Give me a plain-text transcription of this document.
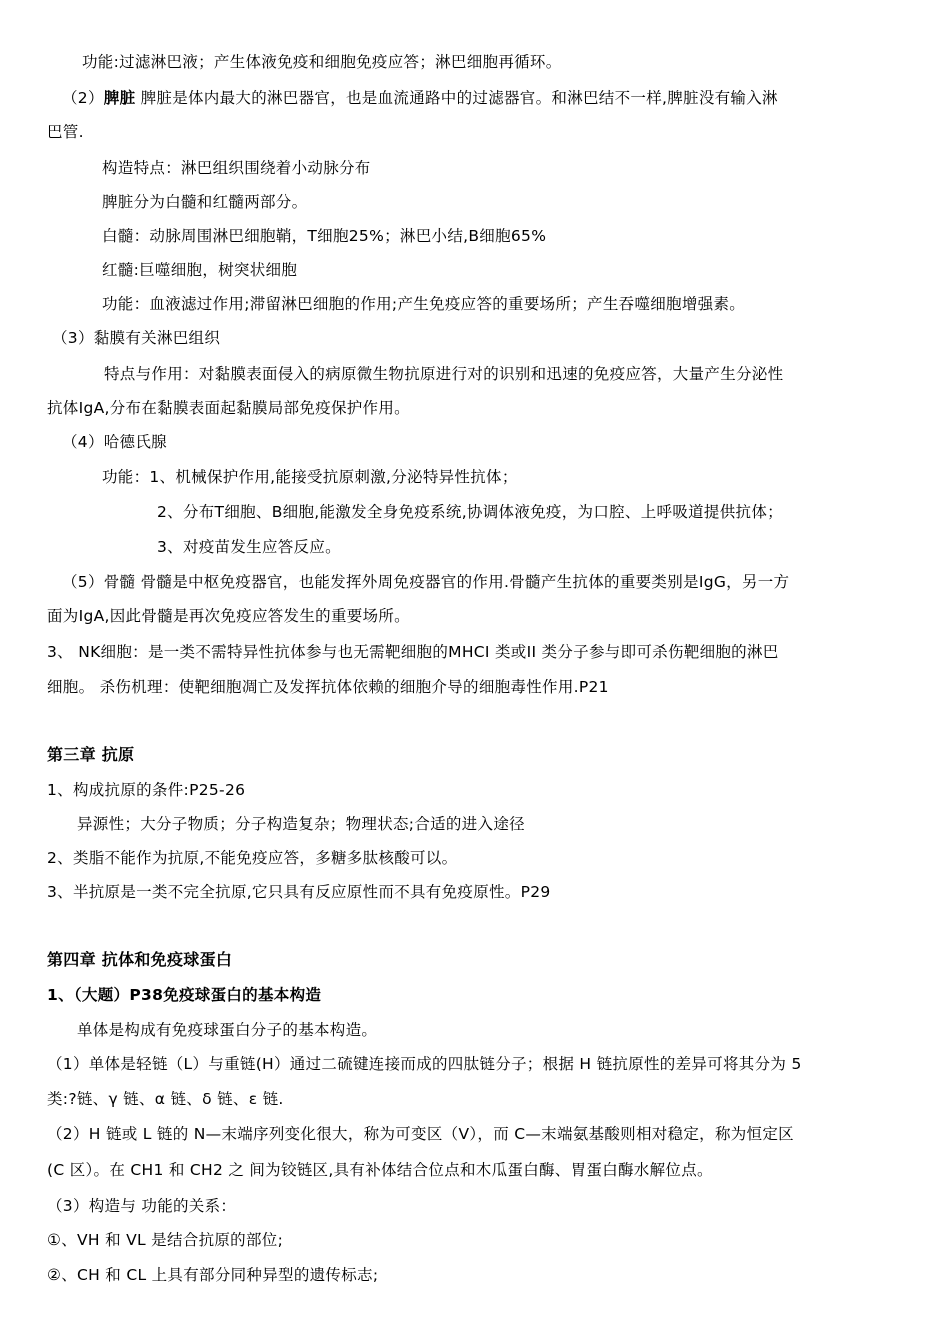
功能:过滤淋巴液；产生体液免疫和细胞免疫应答；淋巴细胞再循环。
（2）脾脏 脾脏是体内最大的淋巴器官，也是血流通路中的过滤器官。和淋巴结不一样,脾脏没有输入淋
巴管.
构造特点：淋巴组织围绕着小动脉分布
脾脏分为白髓和红髓两部分。
白髓：动脉周围淋巴细胞鞘，T细胞25%；淋巴小结,B细胞65%
红髓:巨噬细胞，树突状细胞
功能：血液滤过作用;滞留淋巴细胞的作用;产生免疫应答的重要场所；产生吞噬细胞增强素。
（3）黏膜有关淋巴组织
特点与作用：对黏膜表面侵入的病原微生物抗原进行对的识别和迅速的免疫应答，大量产生分泌性
抗体IgA,分布在黏膜表面起黏膜局部免疫保护作用。
（4）哈德氏腺
功能：1、机械保护作用,能接受抗原刺激,分泌特异性抗体；
2、分布T细胞、B细胞,能激发全身免疫系统,协调体液免疫，为口腔、上呼吸道提供抗体；
3、对疫苗发生应答反应。
（5）骨髓 骨髓是中枢免疫器官，也能发挥外周免疫器官的作用.骨髓产生抗体的重要类别是IgG，另一方
面为IgA,因此骨髓是再次免疫应答发生的重要场所。
3、 NK细胞：是一类不需特异性抗体参与也无需靶细胞的MHCI 类或II 类分子参与即可杀伤靶细胞的淋巴
细胞。 杀伤机理：使靶细胞凋亡及发挥抗体依赖的细胞介导的细胞毒性作用.P21
第三章 抗原
1、构成抗原的条件:P25-26
异源性；大分子物质；分子构造复杂；物理状态;合适的进入途径
2、类脂不能作为抗原,不能免疫应答，多糖多肽核酸可以。
3、半抗原是一类不完全抗原,它只具有反应原性而不具有免疫原性。P29
第四章 抗体和免疫球蛋白
1、（大题）P38免疫球蛋白的基本构造
单体是构成有免疫球蛋白分子的基本构造。
（1）单体是轻链（L）与重链(H）通过二硫键连接而成的四肽链分子；根据 H 链抗原性的差异可将其分为 5
类:?链、γ 链、α 链、δ 链、ε 链.
（2）H 链或 L 链的 N—末端序列变化很大，称为可变区（V），而 C—末端氨基酸则相对稳定，称为恒定区
(C 区）。在 CH1 和 CH2 之 间为铰链区,具有补体结合位点和木瓜蛋白酶、胃蛋白酶水解位点。
（3）构造与 功能的关系：
①、VH 和 VL 是结合抗原的部位;
②、CH 和 CL 上具有部分同种异型的遗传标志;
